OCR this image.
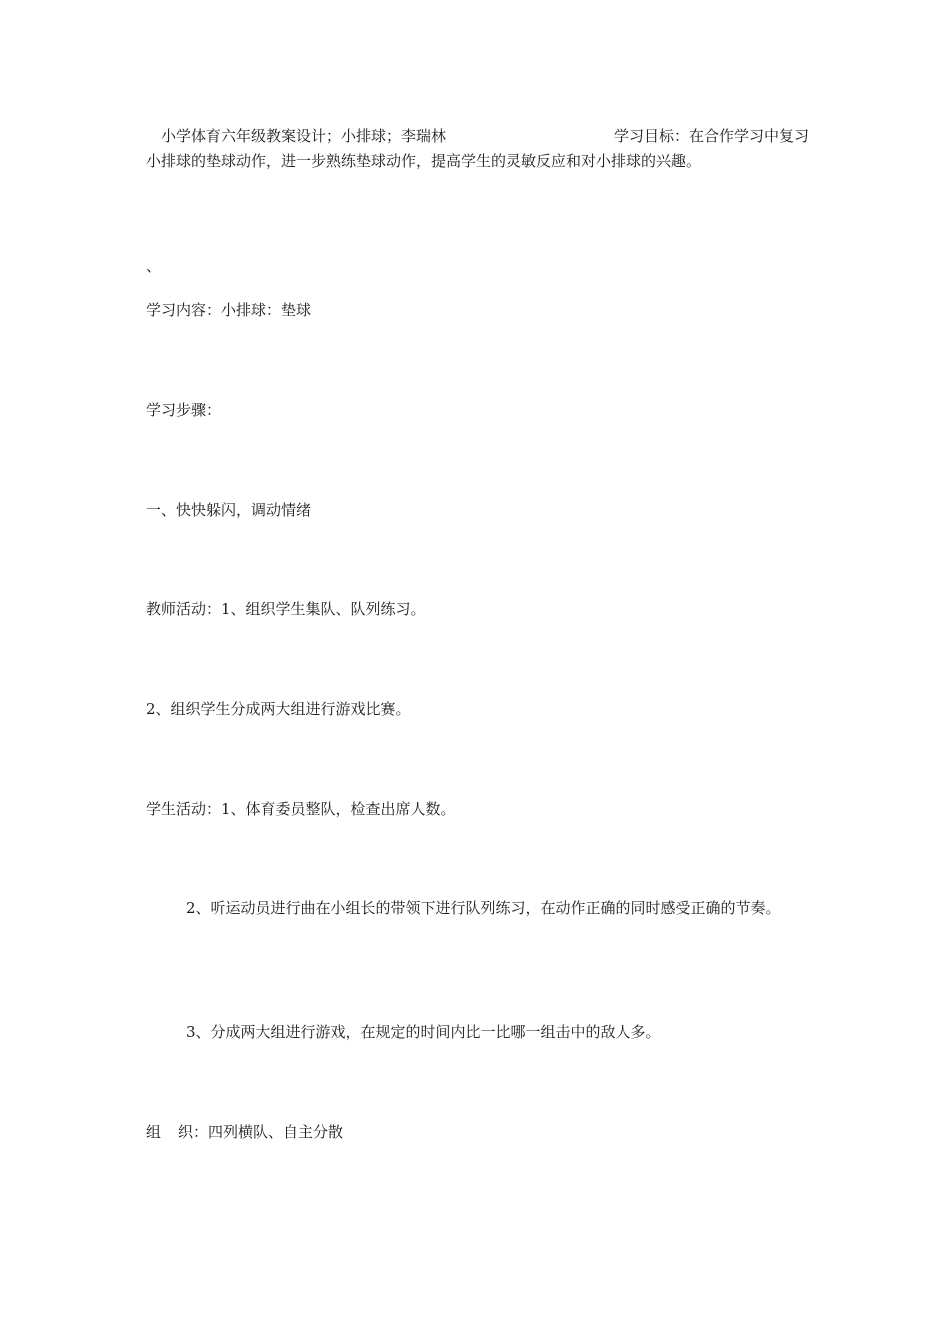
小学体育六年级教案设计；小排球；李瑞林	学习目标：在合作学习中复习小排球的垫球动作，进一步熟练垫球动作，提高学生的灵敏反应和对小排球的兴趣。

、

学习内容：小排球：垫球

学习步骤：

一、快快躲闪，调动情绪

教师活动：1、组织学生集队、队列练习。

2、组织学生分成两大组进行游戏比赛。

学生活动：1、体育委员整队，检查出席人数。

2、听运动员进行曲在小组长的带领下进行队列练习，在动作正确的同时感受正确的节奏。

3、分成两大组进行游戏，在规定的时间内比一比哪一组击中的敌人多。

组 织：四列横队、自主分散
